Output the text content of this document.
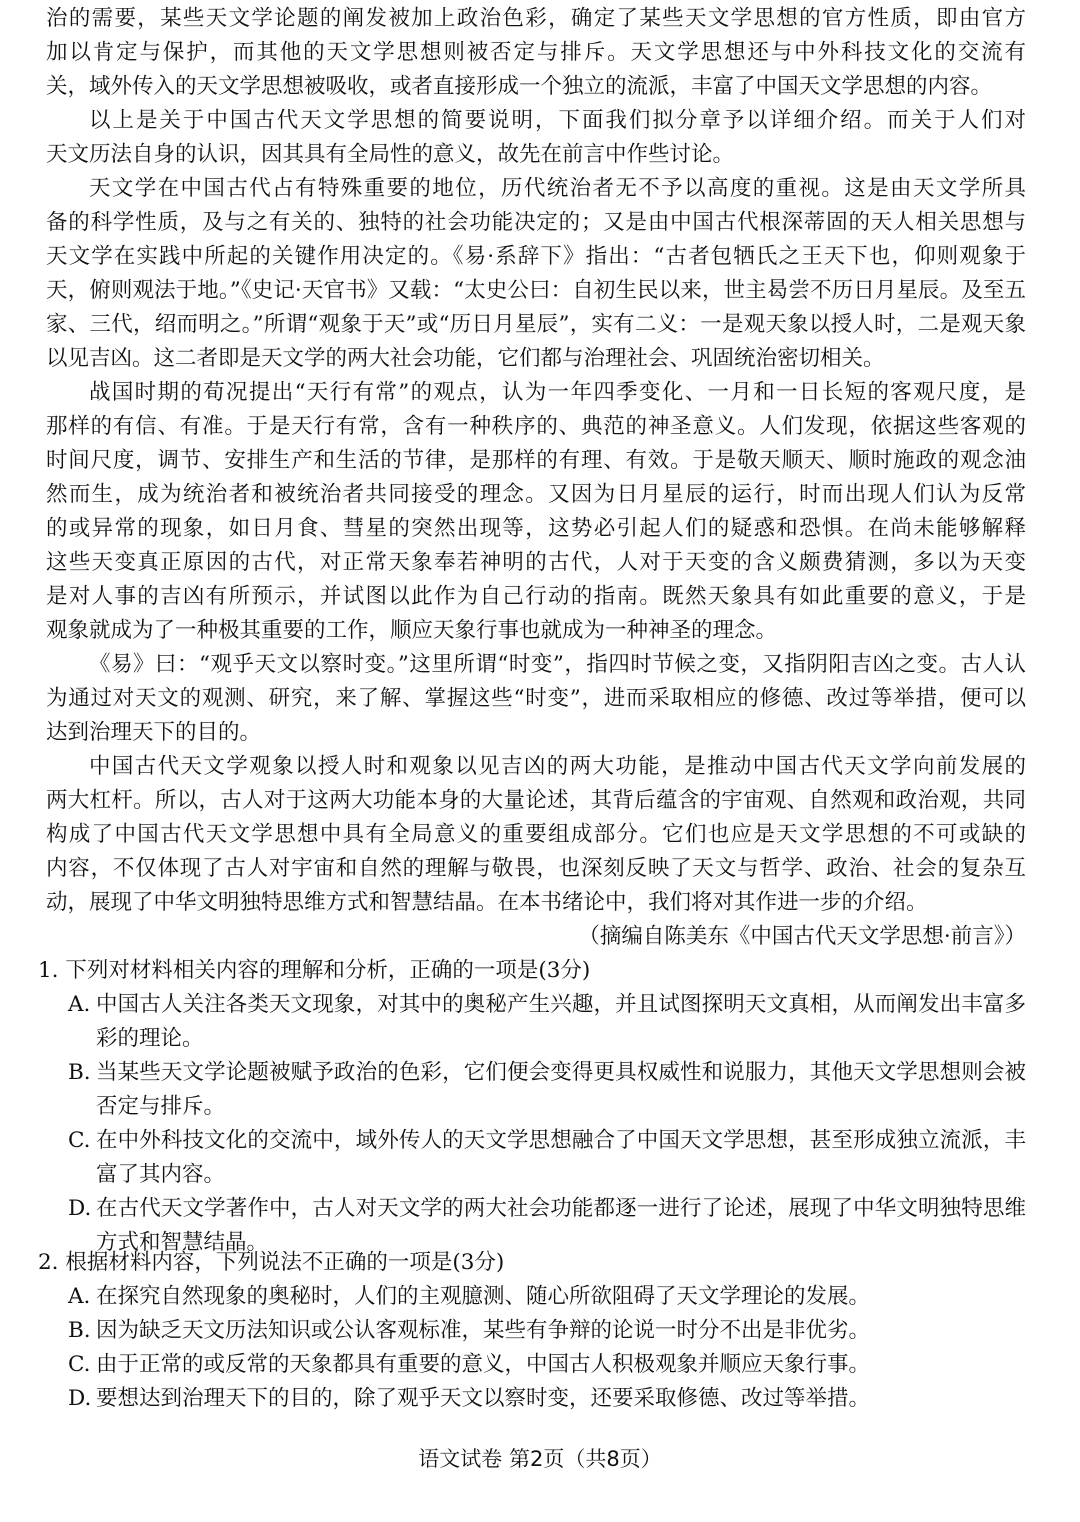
治的需要，某些天文学论题的阐发被加上政治色彩，确定了某些天文学思想的官方性质，即由官方
加以肯定与保护，而其他的天文学思想则被否定与排斥。天文学思想还与中外科技文化的交流有
关，域外传入的天文学思想被吸收，或者直接形成一个独立的流派，丰富了中国天文学思想的内容。
以上是关于中国古代天文学思想的简要说明，下面我们拟分章予以详细介绍。而关于人们对
天文历法自身的认识，因其具有全局性的意义，故先在前言中作些讨论。
天文学在中国古代占有特殊重要的地位，历代统治者无不予以高度的重视。这是由天文学所具
备的科学性质，及与之有关的、独特的社会功能决定的；又是由中国古代根深蒂固的天人相关思想与
天文学在实践中所起的关键作用决定的。《易·系辞下》指出：“古者包牺氏之王天下也，仰则观象于
天，俯则观法于地。”《史记·天官书》又载：“太史公曰：自初生民以来，世主曷尝不历日月星辰。及至五
家、三代，绍而明之。”所谓“观象于天”或“历日月星辰”，实有二义：一是观天象以授人时，二是观天象
以见吉凶。这二者即是天文学的两大社会功能，它们都与治理社会、巩固统治密切相关。
战国时期的荀况提出“天行有常”的观点，认为一年四季变化、一月和一日长短的客观尺度，是
那样的有信、有准。于是天行有常，含有一种秩序的、典范的神圣意义。人们发现，依据这些客观的
时间尺度，调节、安排生产和生活的节律，是那样的有理、有效。于是敬天顺天、顺时施政的观念油
然而生，成为统治者和被统治者共同接受的理念。又因为日月星辰的运行，时而出现人们认为反常
的或异常的现象，如日月食、彗星的突然出现等，这势必引起人们的疑惑和恐惧。在尚未能够解释
这些天变真正原因的古代，对正常天象奉若神明的古代，人对于天变的含义颇费猜测，多以为天变
是对人事的吉凶有所预示，并试图以此作为自己行动的指南。既然天象具有如此重要的意义，于是
观象就成为了一种极其重要的工作，顺应天象行事也就成为一种神圣的理念。
《易》曰：“观乎天文以察时变。”这里所谓“时变”，指四时节候之变，又指阴阳吉凶之变。古人认
为通过对天文的观测、研究，来了解、掌握这些“时变”，进而采取相应的修德、改过等举措，便可以
达到治理天下的目的。
中国古代天文学观象以授人时和观象以见吉凶的两大功能，是推动中国古代天文学向前发展的
两大杠杆。所以，古人对于这两大功能本身的大量论述，其背后蕴含的宇宙观、自然观和政治观，共同
构成了中国古代天文学思想中具有全局意义的重要组成部分。它们也应是天文学思想的不可或缺的
内容，不仅体现了古人对宇宙和自然的理解与敬畏，也深刻反映了天文与哲学、政治、社会的复杂互
动，展现了中华文明独特思维方式和智慧结晶。在本书绪论中，我们将对其作进一步的介绍。

（摘编自陈美东《中国古代天文学思想·前言》）

1. 下列对材料相关内容的理解和分析，正确的一项是(3分)

A. 中国古人关注各类天文现象，对其中的奥秘产生兴趣，并且试图探明天文真相，从而阐发出丰富多彩的理论。
B. 当某些天文学论题被赋予政治的色彩，它们便会变得更具权威性和说服力，其他天文学思想则会被否定与排斥。
C. 在中外科技文化的交流中，域外传人的天文学思想融合了中国天文学思想，甚至形成独立流派，丰富了其内容。
D. 在古代天文学著作中，古人对天文学的两大社会功能都逐一进行了论述，展现了中华文明独特思维方式和智慧结晶。

2. 根据材料内容，下列说法不正确的一项是(3分)

A. 在探究自然现象的奥秘时，人们的主观臆测、随心所欲阻碍了天文学理论的发展。
B. 因为缺乏天文历法知识或公认客观标准，某些有争辩的论说一时分不出是非优劣。
C. 由于正常的或反常的天象都具有重要的意义，中国古人积极观象并顺应天象行事。
D. 要想达到治理天下的目的，除了观乎天文以察时变，还要采取修德、改过等举措。
语文试卷 第2页（共8页）
